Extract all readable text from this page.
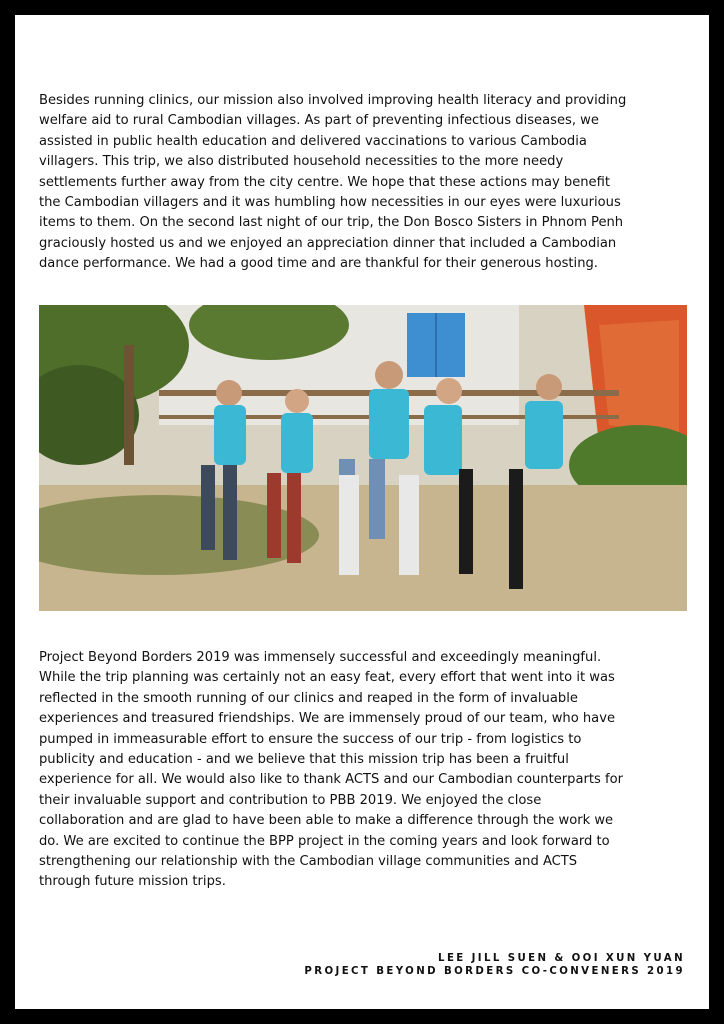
Besides running clinics, our mission also involved improving health literacy and providing
welfare aid to rural Cambodian villages. As part of preventing infectious diseases, we
assisted in public health education and delivered vaccinations to various Cambodia
villagers. This trip, we also distributed household necessities to the more needy
settlements further away from the city centre. We hope that these actions may benefit
the Cambodian villagers and it was humbling how necessities in our eyes were luxurious
items to them. On the second last night of our trip, the Don Bosco Sisters in Phnom Penh
graciously hosted us and we enjoyed an appreciation dinner that included a Cambodian
dance performance. We had a good time and are thankful for their generous hosting.

Project Beyond Borders 2019 was immensely successful and exceedingly meaningful.
While the trip planning was certainly not an easy feat, every effort that went into it was
reflected in the smooth running of our clinics and reaped in the form of invaluable
experiences and treasured friendships. We are immensely proud of our team, who have
pumped in immeasurable effort to ensure the success of our trip - from logistics to
publicity and education - and we believe that this mission trip has been a fruitful
experience for all. We would also like to thank ACTS and our Cambodian counterparts for
their invaluable support and contribution to PBB 2019. We enjoyed the close
collaboration and are glad to have been able to make a difference through the work we
do. We are excited to continue the BPP project in the coming years and look forward to
strengthening our relationship with the Cambodian village communities and ACTS
through future mission trips.

LEE JILL SUEN & OOI XUN YUAN
PROJECT BEYOND BORDERS CO-CONVENERS 2019
